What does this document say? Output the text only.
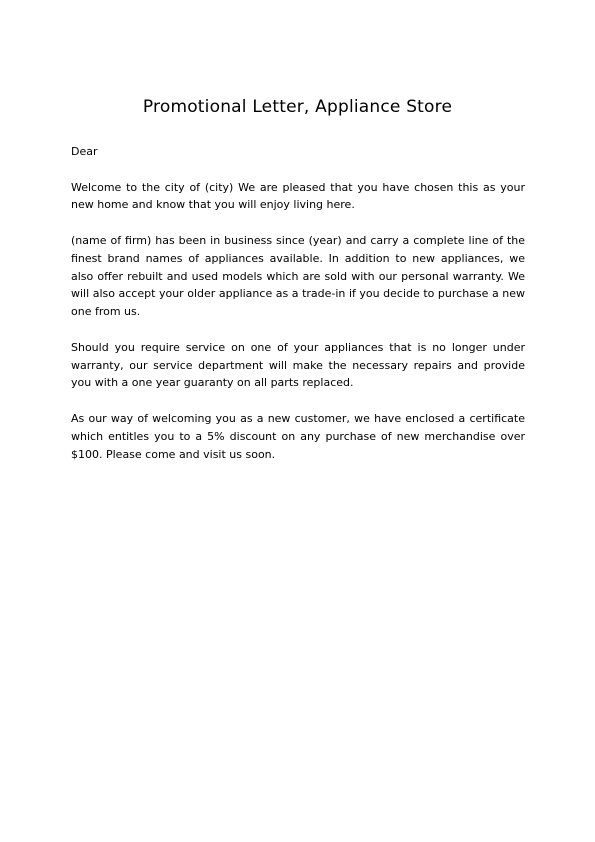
Promotional Letter, Appliance Store

Dear

Welcome to the city of (city) We are pleased that you have chosen this as your new home and know that you will enjoy living here.

(name of firm) has been in business since (year) and carry a complete line of the finest brand names of appliances available. In addition to new appliances, we also offer rebuilt and used models which are sold with our personal warranty. We will also accept your older appliance as a trade-in if you decide to purchase a new one from us.

Should you require service on one of your appliances that is no longer under warranty, our service department will make the necessary repairs and provide you with a one year guaranty on all parts replaced.

As our way of welcoming you as a new customer, we have enclosed a certificate which entitles you to a 5% discount on any purchase of new merchandise over $100. Please come and visit us soon.
